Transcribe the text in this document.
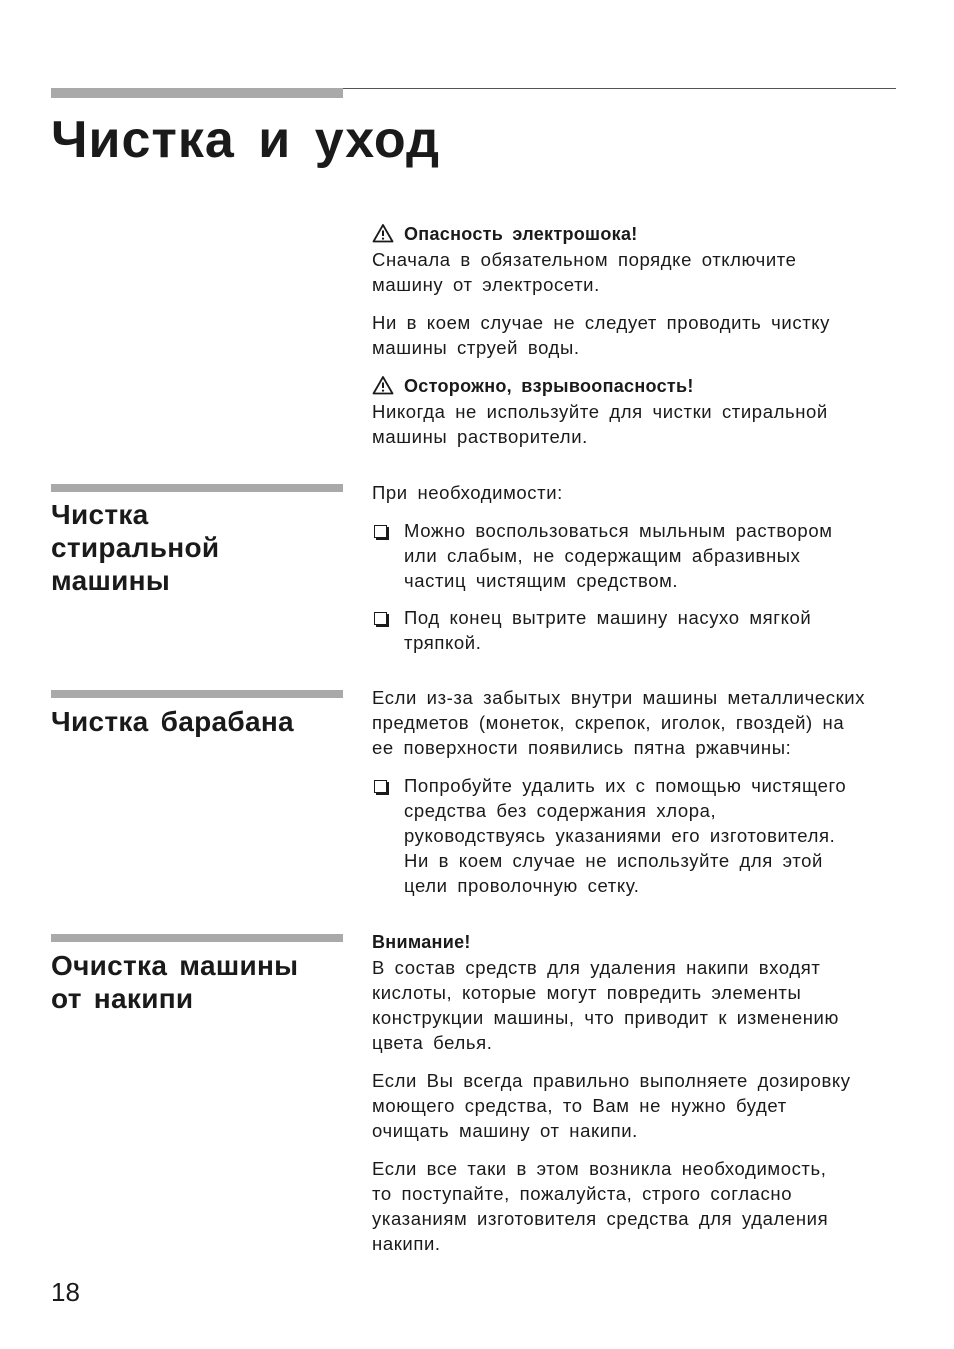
Чистка и уход

Опасность электрошока!
Сначала в обязательном порядке отключите
машину от электросети.

Ни в коем случае не следует проводить чистку
машины струей воды.

Осторожно, взрывоопасность!
Никогда не используйте для чистки стиральной
машины растворители.

Чистка
стиральной
машины

При необходимости:

Можно воспользоваться мыльным раствором
или слабым, не содержащим абразивных
частиц чистящим средством.
Под конец вытрите машину насухо мягкой
тряпкой.
Чистка барабана

Если из-за забытых внутри машины металлических
предметов (монеток, скрепок, иголок, гвоздей) на
ее поверхности появились пятна ржавчины:

Попробуйте удалить их с помощью чистящего
средства без содержания хлора,
руководствуясь указаниями его изготовителя.
Ни в коем случае не используйте для этой
цели проволочную сетку.
Очистка машины
от накипи

Внимание!
В состав средств для удаления накипи входят
кислоты, которые могут повредить элементы
конструкции машины, что приводит к изменению
цвета белья.

Если Вы всегда правильно выполняете дозировку
моющего средства, то Вам не нужно будет
очищать машину от накипи.

Если все таки в этом возникла необходимость,
то поступайте, пожалуйста, строго согласно
указаниям изготовителя средства для удаления
накипи.

18
